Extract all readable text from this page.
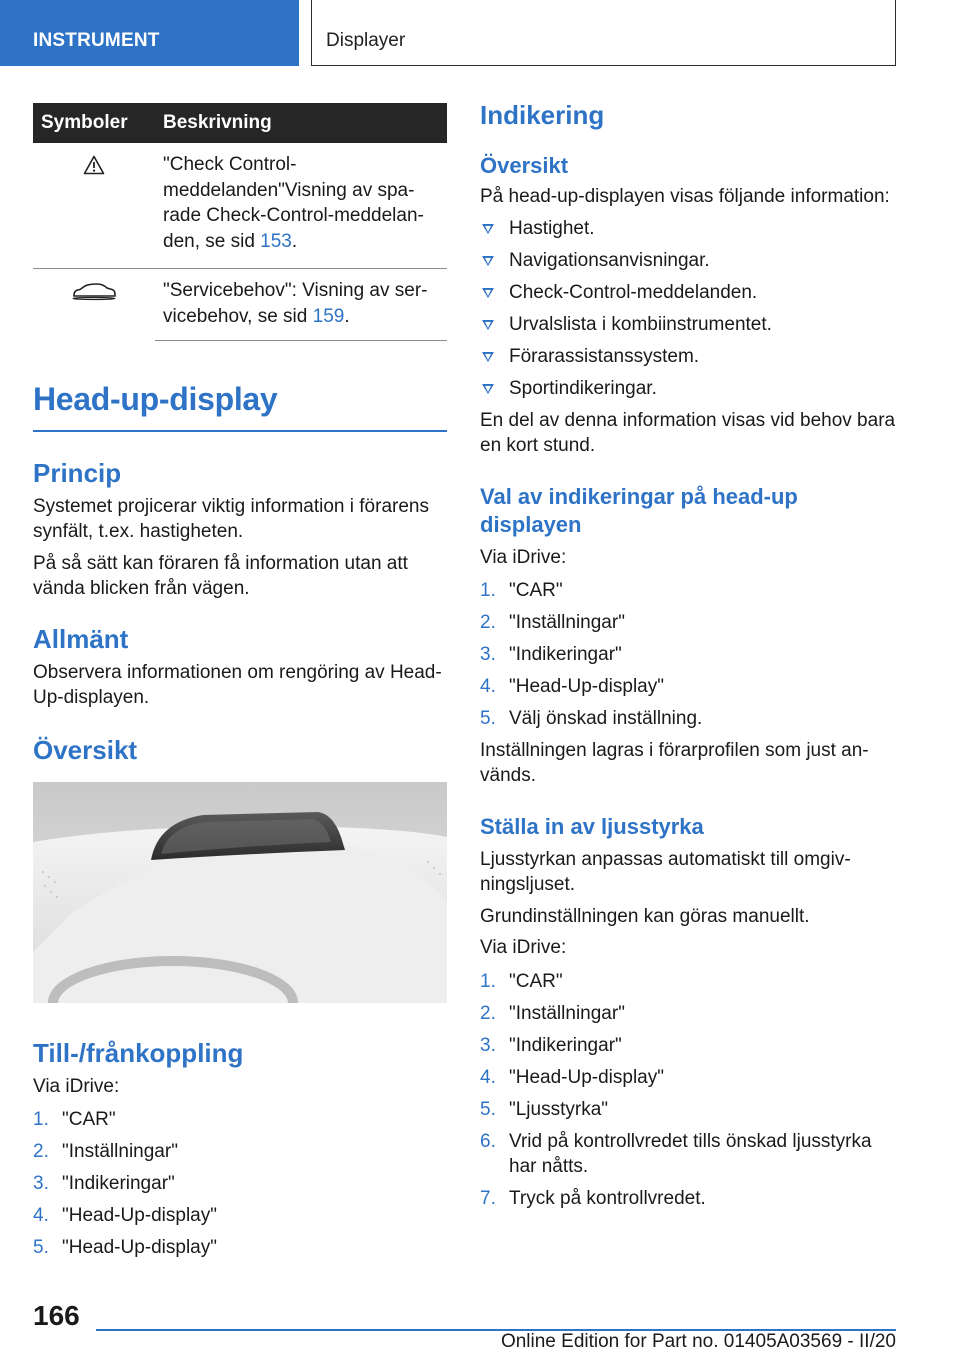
INSTRUMENT	Displayer
Symboler	Beskrivning
	"Check Control-
meddelanden"Visning av spa-
rade Check-Control-meddelan-
den, se sid 153.
	"Servicebehov": Visning av ser-
vicebehov, se sid 159.
Head-up-display
Princip

Systemet projicerar viktig information i förarens synfält, t.ex. hastigheten.

På så sätt kan föraren få information utan att vända blicken från vägen.

Allmänt

Observera informationen om rengöring av Head-Up-displayen.

Översikt
Till-/frånkoppling

Via iDrive:

1. "CAR"
2. "Inställningar"
3. "Indikeringar"
4. "Head-Up-display"
5. "Head-Up-display"
Indikering
Översikt

På head-up-displayen visas följande information:

Hastighet.
Navigationsanvisningar.
Check-Control-meddelanden.
Urvalslista i kombiinstrumentet.
Förarassistanssystem.
Sportindikeringar.

En del av denna information visas vid behov bara en kort stund.

Val av indikeringar på head-up displayen

Via iDrive:

1. "CAR"
2. "Inställningar"
3. "Indikeringar"
4. "Head-Up-display"
5. Välj önskad inställning.

Inställningen lagras i förarprofilen som just an-vänds.

Ställa in av ljusstyrka

Ljusstyrkan anpassas automatiskt till omgiv-ningsljuset.

Grundinställningen kan göras manuellt.

Via iDrive:

1. "CAR"
2. "Inställningar"
3. "Indikeringar"
4. "Head-Up-display"
5. "Ljusstyrka"
6. Vrid på kontrollvredet tills önskad ljusstyrka har nåtts.
7. Tryck på kontrollvredet.
166
Online Edition for Part no. 01405A03569 - II/20
